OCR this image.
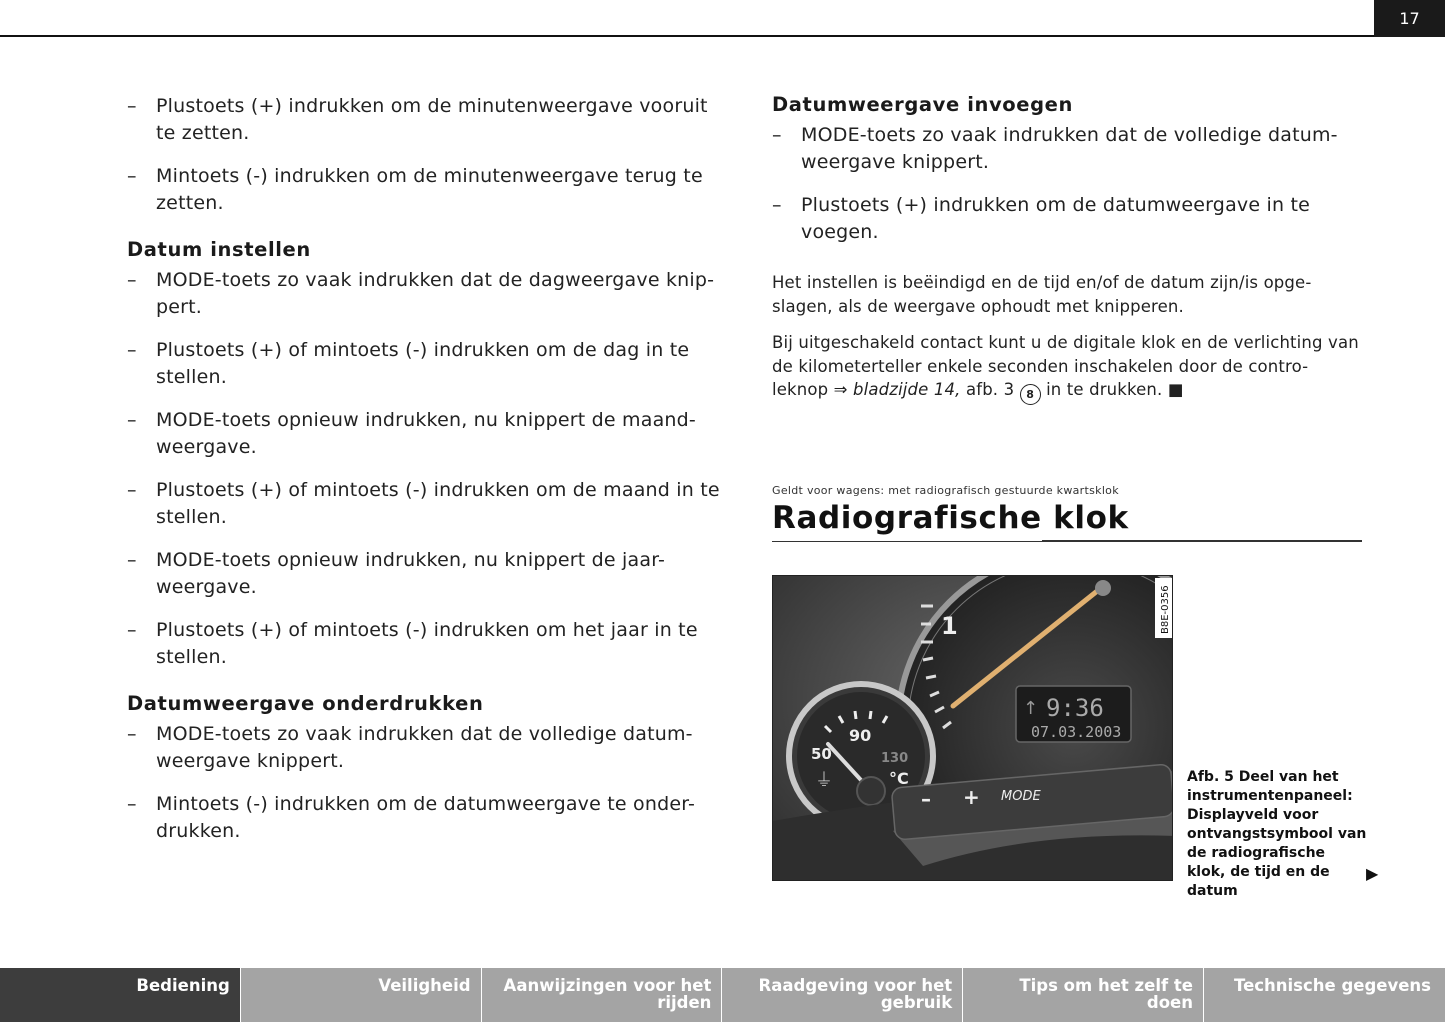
17
– Plustoets (+) indrukken om de minutenweergave vooruit te zetten.
– Mintoets (-) indrukken om de minutenweergave terug te zetten.
Datum instellen
– MODE-toets zo vaak indrukken dat de dagweergave knip-pert.
– Plustoets (+) of mintoets (-) indrukken om de dag in te stellen.
– MODE-toets opnieuw indrukken, nu knippert de maand-weergave.
– Plustoets (+) of mintoets (-) indrukken om de maand in te stellen.
– MODE-toets opnieuw indrukken, nu knippert de jaar-weergave.
– Plustoets (+) of mintoets (-) indrukken om het jaar in te stellen.
Datumweergave onderdrukken
– MODE-toets zo vaak indrukken dat de volledige datum-weergave knippert.
– Mintoets (-) indrukken om de datumweergave te onder-drukken.
Datumweergave invoegen
– MODE-toets zo vaak indrukken dat de volledige datum-weergave knippert.
– Plustoets (+) indrukken om de datumweergave in te voegen.

Het instellen is beëindigd en de tijd en/of de datum zijn/is opge-slagen, als de weergave ophoudt met knipperen.

Bij uitgeschakeld contact kunt u de digitale klok en de verlichting van de kilometerteller enkele seconden inschakelen door de contro-leknop ⇒ bladzijde 14, afb. 3 8 in te drukken. ■

Geldt voor wagens: met radiografisch gestuurde kwartsklok
Radiografische klok
1
↑ 9:36
07.03.2003
90
50	130
°C
⏚
– + MODE
B8E-0356
Afb. 5 Deel van het instrumentenpaneel: Displayveld voor ontvangstsymbool van de radiografische klok, de tijd en de datum
▶
Bediening	Veiligheid	Aanwijzingen voor het rijden
Raadgeving voor het gebruik
Tips om het zelf te doen
Technische gegevens
